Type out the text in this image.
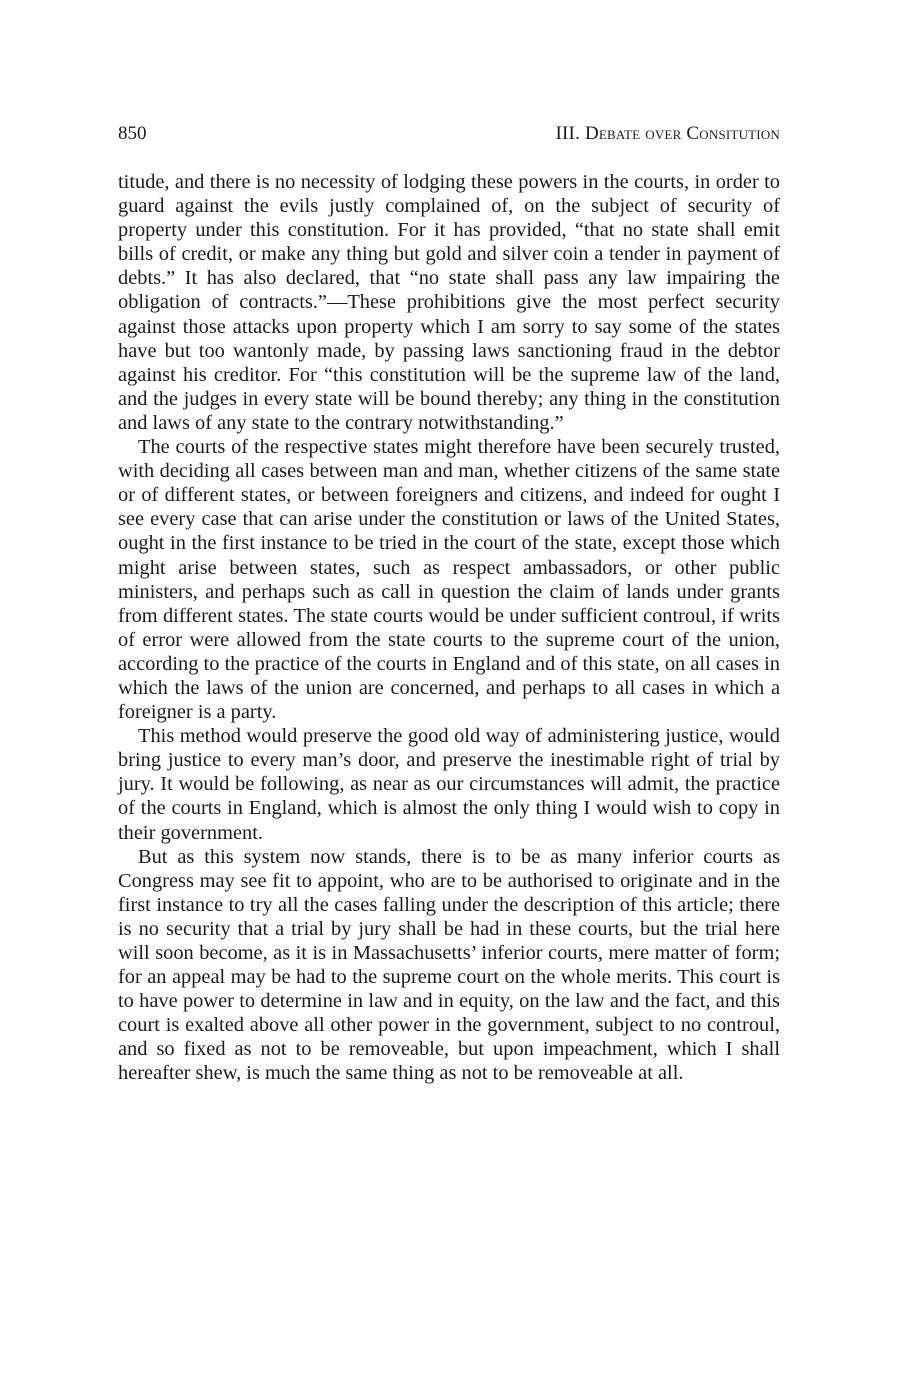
850	III. Debate over Consitution

titude, and there is no necessity of lodging these powers in the courts, in order to guard against the evils justly complained of, on the subject of security of property under this constitution. For it has provided, “that no state shall emit bills of credit, or make any thing but gold and silver coin a tender in payment of debts.” It has also declared, that “no state shall pass any law impairing the obligation of contracts.”—These prohibitions give the most perfect security against those attacks upon property which I am sorry to say some of the states have but too wantonly made, by passing laws sanctioning fraud in the debtor against his creditor. For “this constitution will be the supreme law of the land, and the judges in every state will be bound thereby; any thing in the constitution and laws of any state to the contrary notwithstanding.”

The courts of the respective states might therefore have been securely trusted, with deciding all cases between man and man, whether citizens of the same state or of different states, or between foreigners and citizens, and indeed for ought I see every case that can arise under the constitution or laws of the United States, ought in the first instance to be tried in the court of the state, except those which might arise between states, such as respect ambassadors, or other public ministers, and perhaps such as call in question the claim of lands under grants from different states. The state courts would be under sufficient controul, if writs of error were allowed from the state courts to the supreme court of the union, according to the practice of the courts in England and of this state, on all cases in which the laws of the union are concerned, and perhaps to all cases in which a foreigner is a party.

This method would preserve the good old way of administering justice, would bring justice to every man’s door, and preserve the inestimable right of trial by jury. It would be following, as near as our circumstances will admit, the practice of the courts in England, which is almost the only thing I would wish to copy in their government.

But as this system now stands, there is to be as many inferior courts as Congress may see fit to appoint, who are to be authorised to originate and in the first instance to try all the cases falling under the description of this article; there is no security that a trial by jury shall be had in these courts, but the trial here will soon become, as it is in Massachusetts’ inferior courts, mere matter of form; for an appeal may be had to the supreme court on the whole merits. This court is to have power to determine in law and in equity, on the law and the fact, and this court is exalted above all other power in the government, subject to no controul, and so fixed as not to be removeable, but upon impeachment, which I shall hereafter shew, is much the same thing as not to be removeable at all.
